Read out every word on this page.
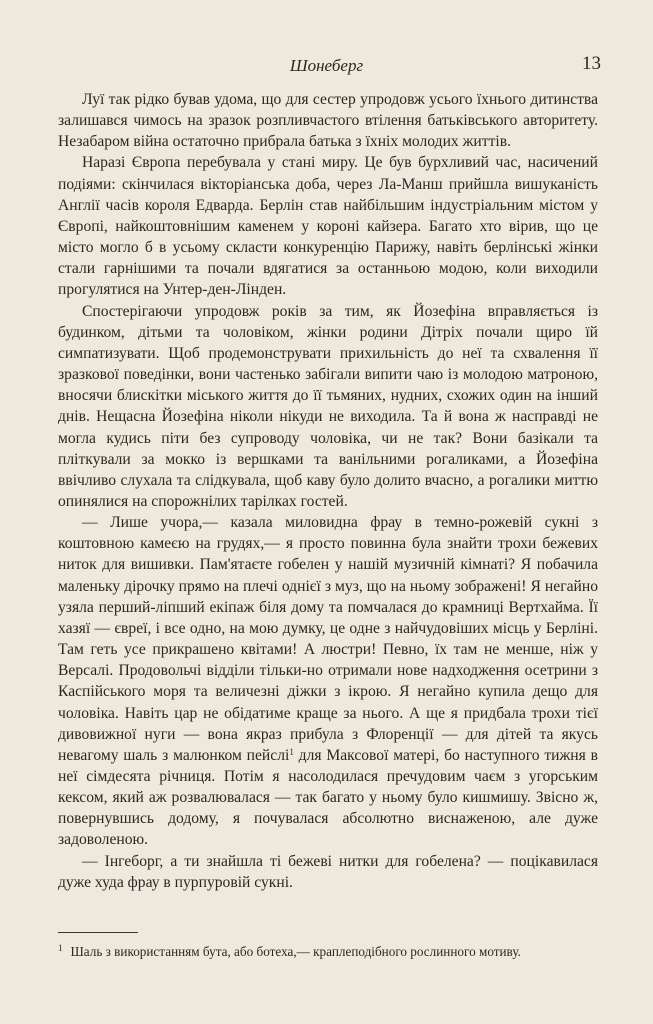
Шонеберг	13

Луї так рідко бував удома, що для сестер упродовж усього їхнього дитинства залишався чимось на зразок розпливчастого втілення батьківського авторитету. Незабаром війна остаточно прибрала батька з їхніх молодих життів.

Наразі Європа перебувала у стані миру. Це був бурхливий час, насичений подіями: скінчилася вікторіанська доба, через Ла-Манш прийшла вишуканість Англії часів короля Едварда. Берлін став найбільшим індустріальним містом у Європі, найкоштовнішим каменем у короні кайзера. Багато хто вірив, що це місто могло б в усьому скласти конкуренцію Парижу, навіть берлінські жінки стали гарнішими та почали вдягатися за останньою модою, коли виходили прогулятися на Унтер-ден-Лінден.

Спостерігаючи упродовж років за тим, як Йозефіна вправляється із будинком, дітьми та чоловіком, жінки родини Дітріх почали щиро їй симпатизувати. Щоб продемонструвати прихильність до неї та схвалення її зразкової поведінки, вони частенько забігали випити чаю із молодою матроною, вносячи блискітки міського життя до її тьмяних, нудних, схожих один на інший днів. Нещасна Йозефіна ніколи нікуди не виходила. Та й вона ж насправді не могла кудись піти без супроводу чоловіка, чи не так? Вони базікали та пліткували за мокко із вершками та ванільними рогаликами, а Йозефіна ввічливо слухала та слідкувала, щоб каву було долито вчасно, а рогалики миттю опинялися на спорожнілих тарілках гостей.

— Лише учора,— казала миловидна фрау в темно-рожевій сукні з коштовною камеєю на грудях,— я просто повинна була знайти трохи бежевих ниток для вишивки. Пам'ятаєте гобелен у нашій музичній кімнаті? Я побачила маленьку дірочку прямо на плечі однієї з муз, що на ньому зображені! Я негайно узяла перший-ліпший екіпаж біля дому та помчалася до крамниці Вертхайма. Її хазяї — євреї, і все одно, на мою думку, це одне з найчудовіших місць у Берліні. Там геть усе прикрашено квітами! А люстри! Певно, їх там не менше, ніж у Версалі. Продовольчі відділи тільки-но отримали нове надходження осетрини з Каспійського моря та величезні діжки з ікрою. Я негайно купила дещо для чоловіка. Навіть цар не обідатиме краще за нього. А ще я придбала трохи тієї дивовижної нуги — вона якраз прибула з Флоренції — для дітей та якусь невагому шаль з малюнком пейслі$^1$ для Максової матері, бо наступного тижня в неї сімдесята річниця. Потім я насолодилася пречудовим чаєм з угорським кексом, який аж розвалювалася — так багато у ньому було кишмишу. Звісно ж, повернувшись додому, я почувалася абсолютно виснаженою, але дуже задоволеною.

— Інгеборг, а ти знайшла ті бежеві нитки для гобелена? — поцікавилася дуже худа фрау в пурпуровій сукні.

$^1$ Шаль з використанням бута, або ботеха,— краплеподібного рослинного мотиву.
